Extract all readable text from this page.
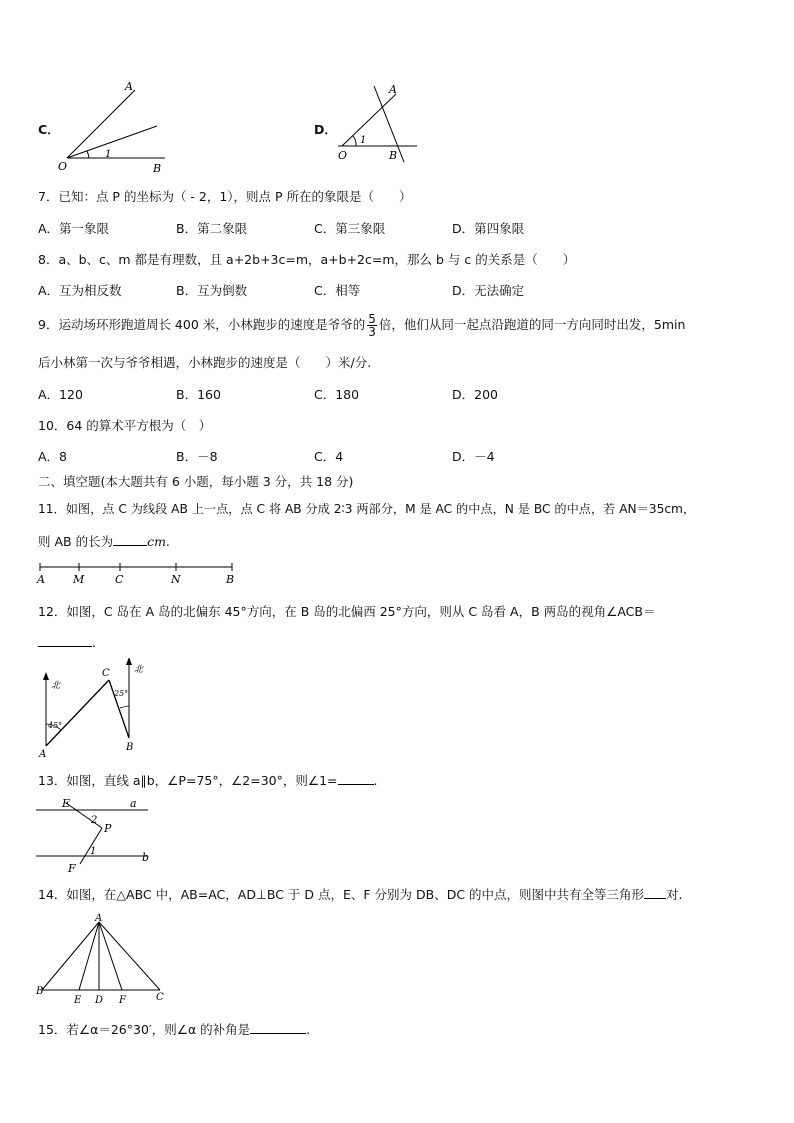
C．
A
O	B
1
D．
A
O	B
1
7．已知：点 P 的坐标为（ - 2，1），则点 P 所在的象限是（　　）
A．第一象限	B．第二象限	C．第三象限	D．第四象限
8．a、b、c、m 都是有理数，且 a+2b+3c=m，a+b+2c=m，那么 b 与 c 的关系是（　　）
A．互为相反数	B．互为倒数	C．相等	D．无法确定
9．运动场环形跑道周长 400 米，小林跑步的速度是爷爷的 $\frac{5}{3}$ 倍，他们从同一起点沿跑道的同一方向同时出发，5min
后小林第一次与爷爷相遇，小林跑步的速度是（　　）米/分.
A．120	B．160	C．180	D．200
10．64 的算术平方根为（　）
A．8	B．－8	C．4	D．－4
二、填空题(本大题共有 6 小题，每小题 3 分，共 18 分)
11．如图，点 C 为线段 AB 上一点，点 C 将 AB 分成 2∶3 两部分，M 是 AC 的中点，N 是 BC 的中点，若 AN＝35cm，
则 AB 的长为	cm.
A	M	C	N	B
12．如图，C 岛在 A 岛的北偏东 45°方向，在 B 岛的北偏西 25°方向，则从 C 岛看 A，B 两岛的视角∠ACB＝
.
北
北
45°
25°
A
B
C
13．如图，直线 a∥b，∠P=75°，∠2=30°，则∠1=	.
E	a
P
b
F
1
2
14．如图，在△ABC 中，AB=AC，AD⊥BC 于 D 点，E、F 分别为 DB、DC 的中点，则图中共有全等三角形 对.
A
B
E D F	C
15．若∠α＝26°30′，则∠α 的补角是	.
